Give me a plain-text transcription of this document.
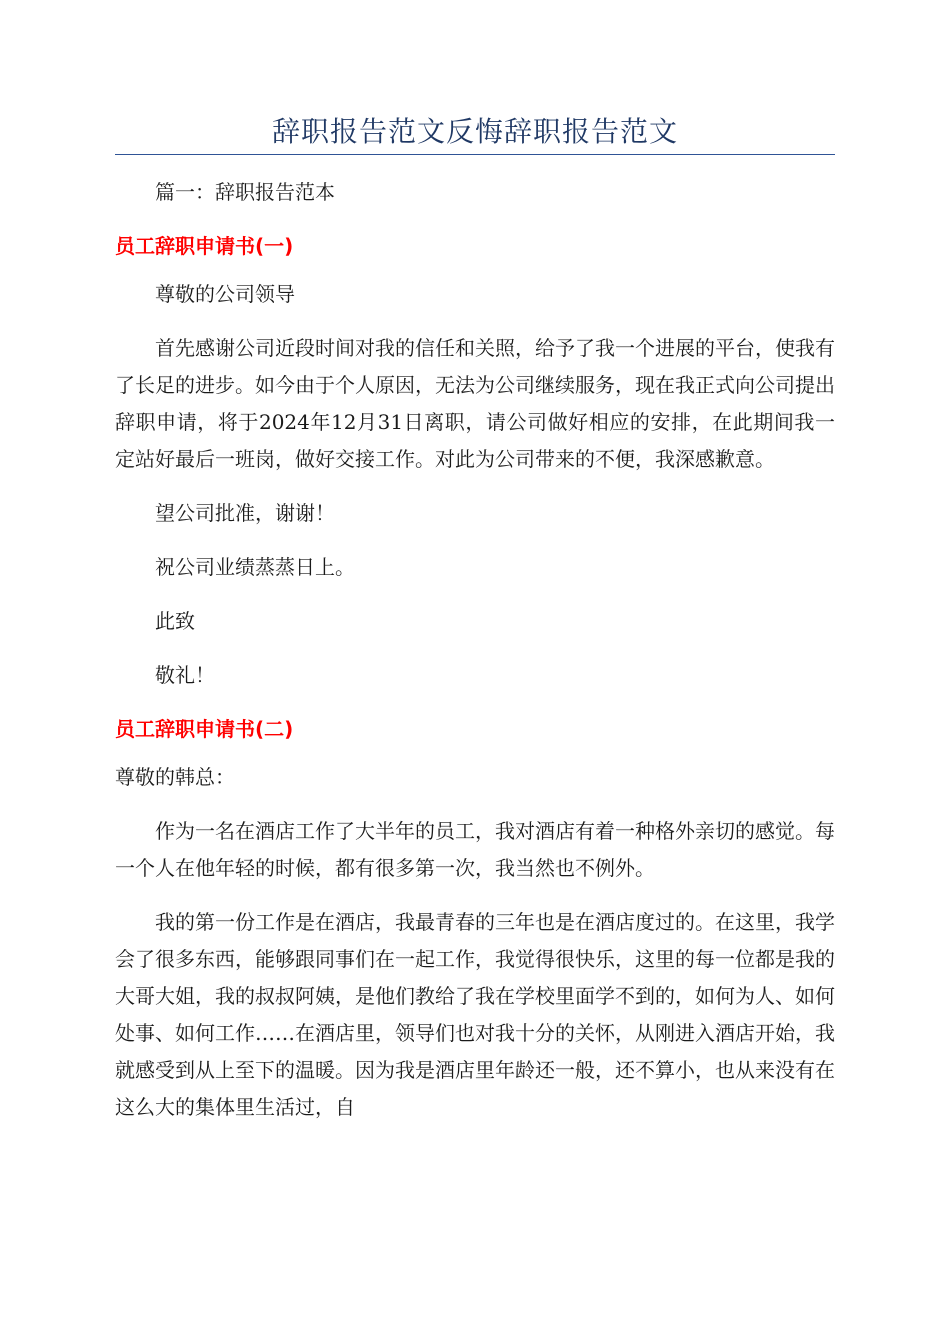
辞职报告范文反悔辞职报告范文

篇一：辞职报告范本

员工辞职申请书(一)

尊敬的公司领导

首先感谢公司近段时间对我的信任和关照，给予了我一个进展的平台，使我有了长足的进步。如今由于个人原因，无法为公司继续服务，现在我正式向公司提出辞职申请，将于2024年12月31日离职，请公司做好相应的安排，在此期间我一定站好最后一班岗，做好交接工作。对此为公司带来的不便，我深感歉意。

望公司批准，谢谢！

祝公司业绩蒸蒸日上。

此致

敬礼！

员工辞职申请书(二)

尊敬的韩总：

作为一名在酒店工作了大半年的员工，我对酒店有着一种格外亲切的感觉。每一个人在他年轻的时候，都有很多第一次，我当然也不例外。

我的第一份工作是在酒店，我最青春的三年也是在酒店度过的。在这里，我学会了很多东西，能够跟同事们在一起工作，我觉得很快乐，这里的每一位都是我的大哥大姐，我的叔叔阿姨，是他们教给了我在学校里面学不到的，如何为人、如何处事、如何工作……在酒店里，领导们也对我十分的关怀，从刚进入酒店开始，我就感受到从上至下的温暖。因为我是酒店里年龄还一般，还不算小，也从来没有在这么大的集体里生活过，自
